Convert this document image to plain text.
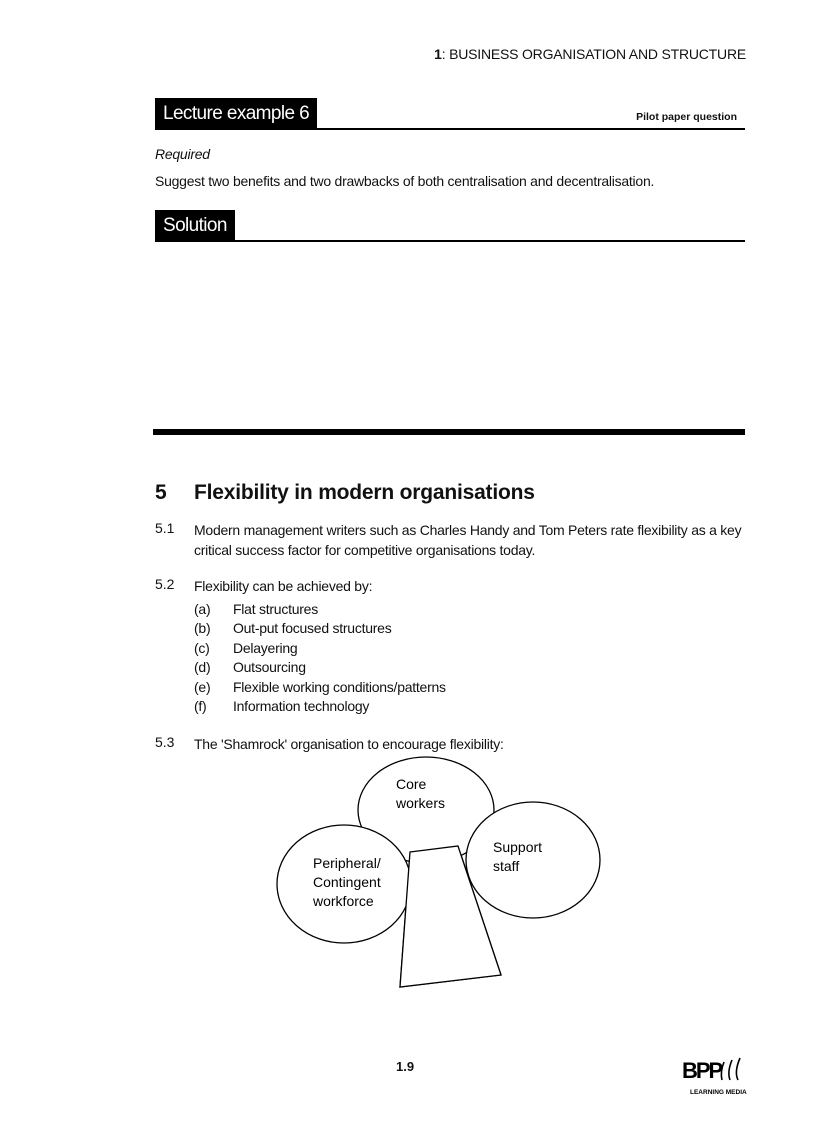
1: BUSINESS ORGANISATION AND STRUCTURE
Lecture example 6	Pilot paper question
Required
Suggest two benefits and two drawbacks of both centralisation and decentralisation.
Solution
5 Flexibility in modern organisations
5.1 Modern management writers such as Charles Handy and Tom Peters rate flexibility as a key critical success factor for competitive organisations today.
5.2 Flexibility can be achieved by:
(a)	Flat structures
(b)	Out-put focused structures
(c)	Delayering
(d)	Outsourcing
(e)	Flexible working conditions/patterns
(f)	Information technology
5.3 The 'Shamrock' organisation to encourage flexibility:
Core
workers
Support
staff
Peripheral/
Contingent
workforce
1.9	BPP
LEARNING MEDIA
